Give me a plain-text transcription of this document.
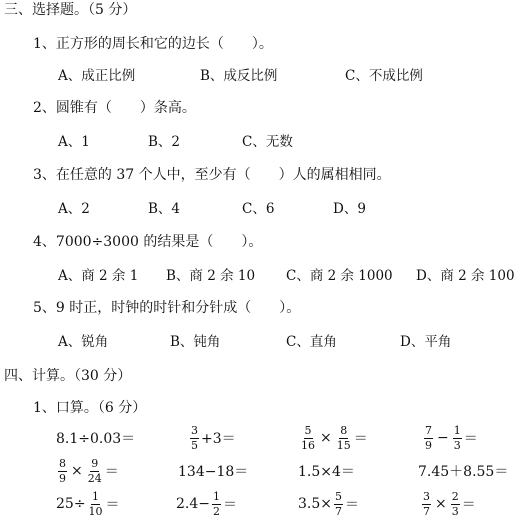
三、选择题。（5 分）
1、正方形的周长和它的边长（　　）。
A、成正比例	B、成反比例	C、不成比例
2、圆锥有（　　）条高。
A、1	B、2	C、无数
3、在任意的 37 个人中，至少有（　　）人的属相相同。
A、2	B、4	C、6	D、9
4、7000÷3000 的结果是（　　）。
A、商 2 余 1 B、商 2 余 10 C、商 2 余 1000 D、商 2 余 100
5、9 时正，时钟的时针和分针成（　　）。
A、锐角	B、钝角	C、直角	D、平角
四、计算。（30 分）
1、口算。（6 分）
8.1÷0.03＝	$\frac{3}{5} +3=$	$\frac{5}{16} \times \frac{8}{15}$ ＝	$\frac{7}{9} - \frac{1}{3}$ ＝
$\frac{8}{9} \times \frac{9}{24}$ ＝	134−18＝	1.5×4＝	7.45＋8.55＝
$25\div \frac{1}{10}$ ＝	$2.4- \frac{1}{2}$ ＝	$3.5\times \frac{5}{7}$ ＝	$\frac{3}{7} \times \frac{2}{3}$ ＝
